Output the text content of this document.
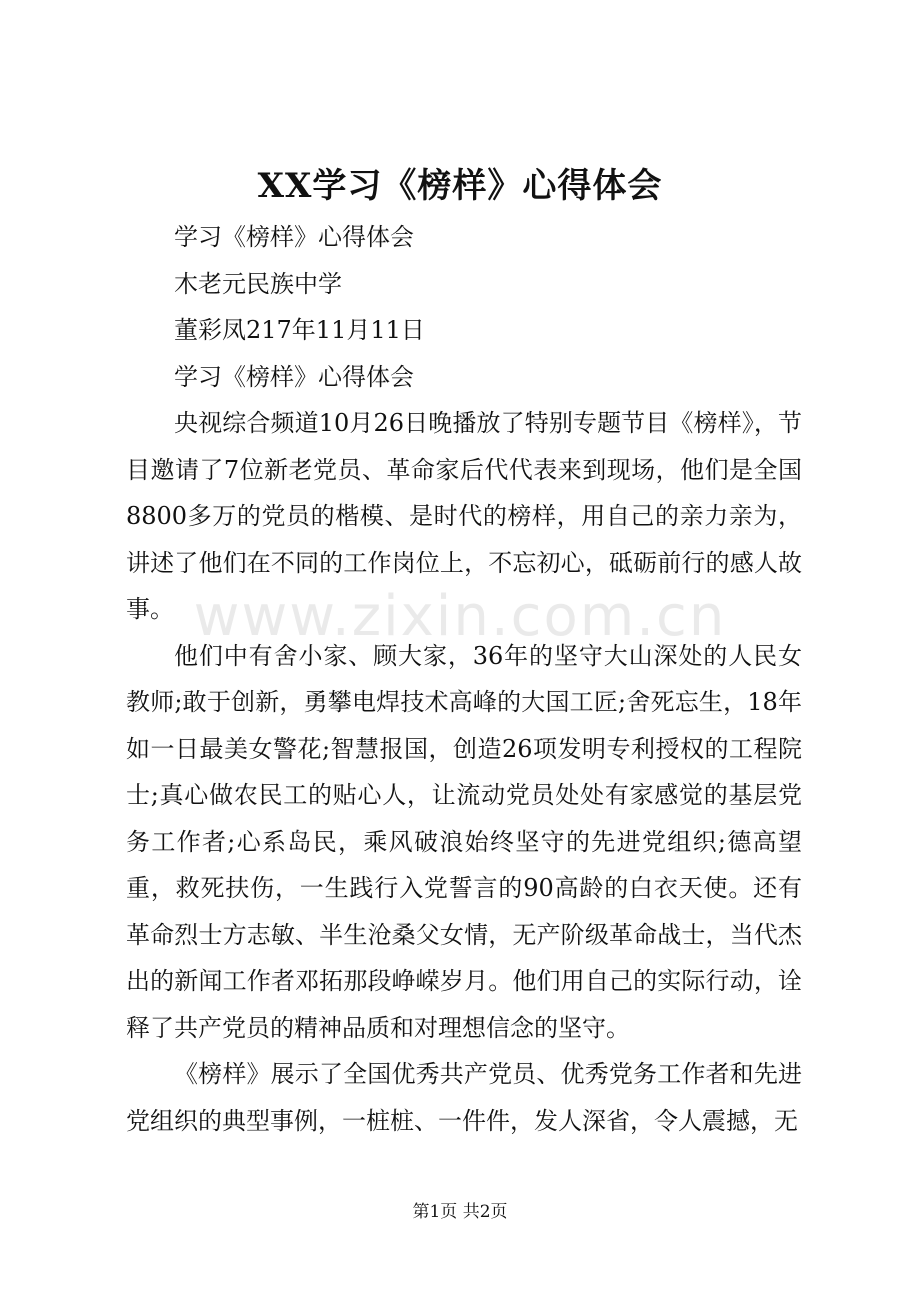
XX学习《榜样》心得体会

学习《榜样》心得体会

木老元民族中学

董彩凤217年11月11日

学习《榜样》心得体会

央视综合频道10月26日晚播放了特别专题节目《榜样》，节目邀请了7位新老党员、革命家后代代表来到现场，他们是全国8800多万的党员的楷模、是时代的榜样，用自己的亲力亲为，讲述了他们在不同的工作岗位上，不忘初心，砥砺前行的感人故事。

他们中有舍小家、顾大家，36年的坚守大山深处的人民女教师;敢于创新，勇攀电焊技术高峰的大国工匠;舍死忘生，18年如一日最美女警花;智慧报国，创造26项发明专利授权的工程院士;真心做农民工的贴心人，让流动党员处处有家感觉的基层党务工作者;心系岛民，乘风破浪始终坚守的先进党组织;德高望重，救死扶伤，一生践行入党誓言的90高龄的白衣天使。还有革命烈士方志敏、半生沧桑父女情，无产阶级革命战士，当代杰出的新闻工作者邓拓那段峥嵘岁月。他们用自己的实际行动，诠释了共产党员的精神品质和对理想信念的坚守。

《榜样》展示了全国优秀共产党员、优秀党务工作者和先进党组织的典型事例，一桩桩、一件件，发人深省，令人震撼，无

www.zixin.com.cn
第1页 共2页
